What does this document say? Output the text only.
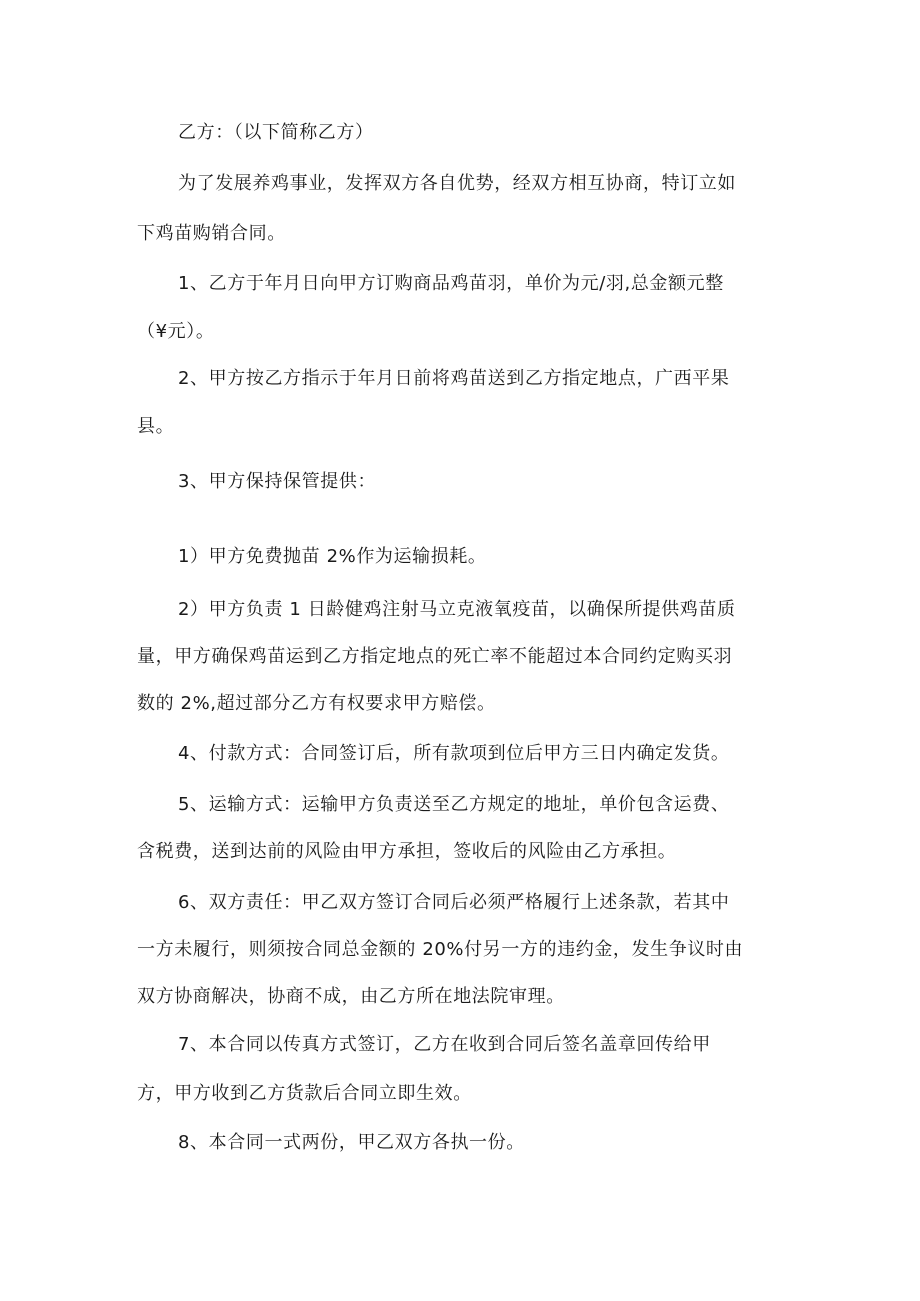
乙方：（以下简称乙方）

为了发展养鸡事业，发挥双方各自优势，经双方相互协商，特订立如

下鸡苗购销合同。

1、乙方于年月日向甲方订购商品鸡苗羽，单价为元/羽,总金额元整

（¥元）。

2、甲方按乙方指示于年月日前将鸡苗送到乙方指定地点，广西平果

县。

3、甲方保持保管提供：

1）甲方免费抛苗 2%作为运输损耗。

2）甲方负责 1 日龄健鸡注射马立克液氧疫苗，以确保所提供鸡苗质

量，甲方确保鸡苗运到乙方指定地点的死亡率不能超过本合同约定购买羽

数的 2%,超过部分乙方有权要求甲方赔偿。

4、付款方式：合同签订后，所有款项到位后甲方三日内确定发货。

5、运输方式：运输甲方负责送至乙方规定的地址，单价包含运费、

含税费，送到达前的风险由甲方承担，签收后的风险由乙方承担。

6、双方责任：甲乙双方签订合同后必须严格履行上述条款，若其中

一方未履行，则须按合同总金额的 20%付另一方的违约金，发生争议时由

双方协商解决，协商不成，由乙方所在地法院审理。

7、本合同以传真方式签订，乙方在收到合同后签名盖章回传给甲

方，甲方收到乙方货款后合同立即生效。

8、本合同一式两份，甲乙双方各执一份。
